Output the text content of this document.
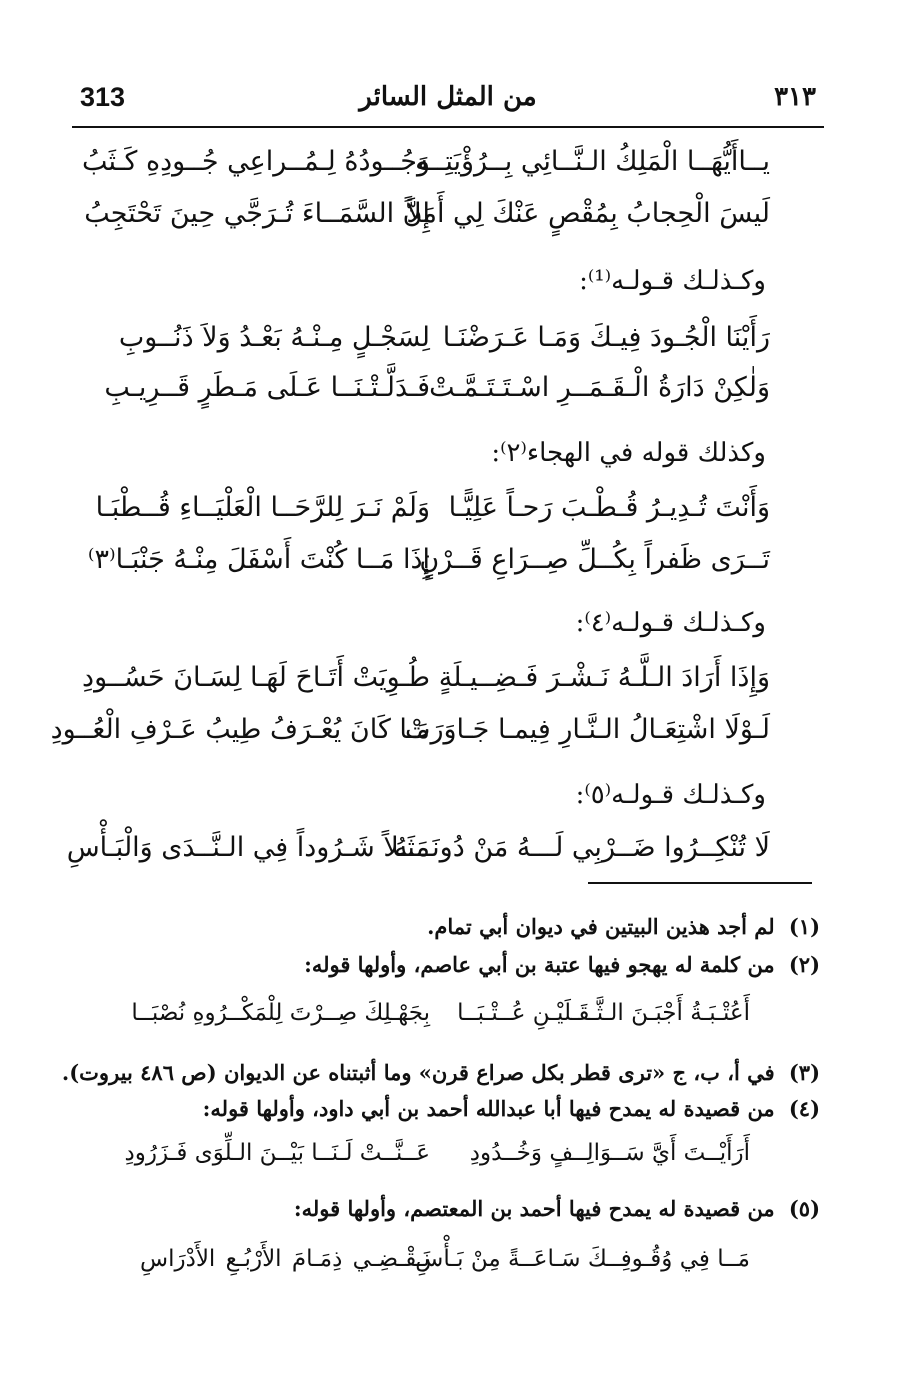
313	من المثل السائر	٣١٣
يــاأَيُّهَــا الْمَلِكُ الـنَّــائِي بِــرُؤْيَتِــهِ
وَجُــودُهُ لِـمُــراعِي جُــودِهِ كَـثَبُ
لَيسَ الْحِجابُ بِمُقْصٍ عَنْكَ لِي أَمَلاً
إِنَّ السَّمَــاءَ تُـرَجَّي حِينَ تَحْتَجِبُ
وكـذلـك قـولـه⁽¹⁾:
رَأَيْنَا الْجُـودَ فِيـكَ وَمَـا عَـرَضْنَـا
لِسَجْـلٍ مِـنْـهُ بَعْـدُ وَلاَ ذَنُــوبِ
وَلٰكِنْ دَارَةُ الْـقَـمَــرِ اسْـتَـتَـمَّـتْ
فَـدَلَّـتْـنَــا عَـلَى مَـطَرٍ قَــرِيـبِ
وكذلك قوله في الهجاء⁽٢⁾:
وَأَنْتَ تُـدِيـرُ قُـطْـبَ رَحـاً عَلِيًّـا
وَلَمْ نَـرَ لِلرَّحَــا الْعَلْيَــاءِ قُــطْبَـا
تَــرَى ظَفراً بِكُــلِّ صِــرَاعِ قَــرْنٍ
إِذَا مَــا كُنْتَ أَسْفَلَ مِنْـهُ جَنْبَـا⁽٣⁾
وكـذلـك قـولـه⁽٤⁾:
وَإِذَا أَرَادَ الـلَّـهُ نَـشْـرَ فَـضِــيـلَةٍ
طُـوِيَتْ أَتَـاحَ لَهَـا لِسَـانَ حَسُــودِ
لَـوْلَا اشْتِعَـالُ الـنَّـارِ فِيمـا جَـاوَرَتْ
مَـا كَانَ يُعْـرَفُ طِيبُ عَـرْفِ الْعُــودِ
وكـذلـك قـولـه⁽٥⁾:
لَا تُنْكِــرُوا ضَــرْبِي لَـــهُ مَنْ دُونَـــهُ
مَثَـلاً شَـرُوداً فِي الـنَّــدَى وَالْبَـأْسِ
(١) لم أجد هذين البيتين في ديوان أبي تمام.
(٢) من كلمة له يهجو فيها عتبة بن أبي عاصم، وأولها قوله:
أَعُتْـبَـةُ أَجْبَـنَ الـثَّـقَـلَيْـنِ عُــتْـبَــا
بِجَهْـلِكَ صِــرْتَ لِلْمَكْــرُوهِ نُصْبَــا
(٣) في أ، ب، ج «ترى قطر بكل صراع قرن» وما أثبتناه عن الديوان (ص ٤٨٦ بيروت).
(٤) من قصيدة له يمدح فيها أبا عبدالله أحمد بن أبي داود، وأولها قوله:
أَرَأَيْــتَ أَيَّ سَــوَالِــفٍ وَخُــدُودِ
عَــنَّــتْ لَـنَــا بَيْــنَ الـلِّوَى فَـزَرُودِ
(٥) من قصيدة له يمدح فيها أحمد بن المعتصم، وأولها قوله:
مَــا فِي وُقُـوفِــكَ سَـاعَــةً مِنْ بَـأْسِ
نَـقْـضِـي ذِمَـامَ الأَرْبُـعِ الأَدْرَاسِ
